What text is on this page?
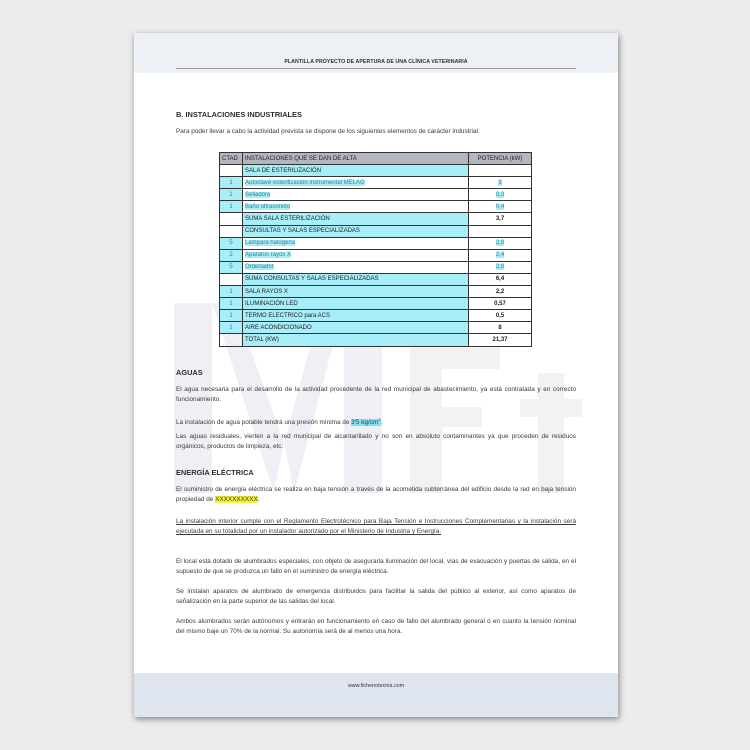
PLANTILLA PROYECTO DE APERTURA DE UNA CLÍNICA VETERINARIA
B. INSTALACIONES INDUSTRIALES
Para poder llevar a cabo la actividad prevista se dispone de los siguientes elementos de carácter industrial:
CTAD	INSTALACIONES QUE SE DAN DE ALTA	POTENCIA (kW)
	SALA DE ESTERILIZACIÓN	
1	Autoclave esterilización instrumental MELAG	3
1	Selladora	0,3
1	Baño ultrasonido	0,4
	SUMA SALA ESTERILIZACIÓN	3,7
	CONSULTAS Y SALAS ESPECIALIZADAS	
5	Lámpara halógena	2,0
2	Aparatos rayos X	2,4
5	Ordenador	2,0
	SUMA CONSULTAS Y SALAS ESPECIALIZADAS	6,4
1	SALA RAYOS X	2,2
1	ILUMINACIÓN LED	0,57
1	TERMO ELECTRICO para ACS	0,5
1	AIRE ACONDICIONADO	8
	TOTAL (KW)	21,37
AGUAS
El agua necesaria para el desarrollo de la actividad procedente de la red municipal de abastecimiento, ya está contratada y en correcto funcionamiento.
La instalación de agua potable tendrá una presión mínima de 3'5 $kg/cm^2$.
Las aguas residuales, vierten a la red municipal de alcantarillado y no son en absoluto contaminantes ya que proceden de residuos orgánicos, productos de limpieza, etc.
ENERGÍA ELÉCTRICA
El suministro de energía eléctrica se realiza en baja tensión a través de la acometida subterránea del edificio desde la red en baja tensión propiedad de XXXXXXXXXX.
La instalación interior cumple con el Reglamento Electrotécnico para Baja Tensión e Instrucciones Complementarias y la instalación será ejecutada en su totalidad por un instalador autorizado por el Ministerio de Industria y Energía.
El local está dotado de alumbrados especiales, con objeto de asegurarla iluminación del local, vías de evacuación y puertas de salida, en el supuesto de que se produzca un fallo en el suministro de energía eléctrica.
Se instalan aparatos de alumbrado de emergencia distribuidos para facilitar la salida del público al exterior, así como aparatos de señalización en la parte superior de las salidas del local.
Ambos alumbrados serán autónomos y entrarán en funcionamiento en caso de fallo del alumbrado general o en cuanto la tensión nominal del mismo baje un 70% de la normal. Su autonomía será de al menos una hora.
www.fichenotecnia.com
